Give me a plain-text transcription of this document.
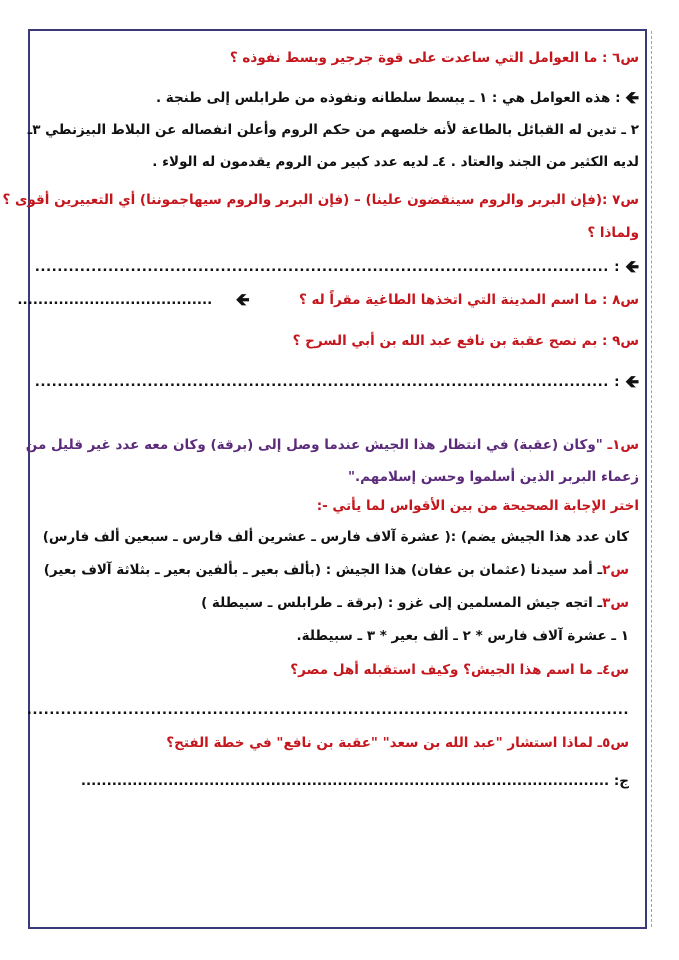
س٦ : ما العوامل التي ساعدت على قوة جرجير وبسط نفوذه ؟
🡸 : هذه العوامل هي : ١ ـ يبسط سلطانه ونفوذه من طرابلس إلى طنجة .
٢ ـ تدين له القبائل بالطاعة لأنه خلصهم من حكم الروم وأعلن انفصاله عن البلاط البيزنطي ٣ـ
لديه الكثير من الجند والعتاد . ٤ـ لديه عدد كبير من الروم يقدمون له الولاء .
س٧ :(فإن البربر والروم سينقضون علينا) – (فإن البربر والروم سيهاجموننا) أي التعبيرين أقوى ؟
ولماذا ؟
🡸 : ......................................................................................................
س٨ : ما اسم المدينة التي اتخذها الطاغية مقراً له ؟  🡸  ......................................
س٩ : بم نصح عقبة بن نافع عبد الله بن أبي السرح ؟
🡸 : ......................................................................................................
س١ـ "وكان (عقبة) في انتظار هذا الجيش عندما وصل إلى (برقة) وكان معه عدد غير قليل من
زعماء البربر الذين أسلموا وحسن إسلامهم."
اختر الإجابة الصحيحة من بين الأقواس لما يأتي -:
كان عدد هذا الجيش يضم) :( عشرة آلاف فارس ـ عشرين ألف فارس ـ سبعين ألف فارس)
س٢ـ أمد سيدنا (عثمان بن عفان) هذا الجيش : (بألف بعير ـ بألفين بعير ـ بثلاثة آلاف بعير)
س٣ـ اتجه جيش المسلمين إلى غزو : (برقة ـ طرابلس ـ سبيطلة )
١ ـ عشرة آلاف فارس * ٢ ـ ألف بعير * ٣ ـ سبيطلة.
س٤ـ ما اسم هذا الجيش؟ وكيف استقبله أهل مصر؟
...........................................................................................................
س٥ـ لماذا استشار "عبد الله بن سعد" "عقبة بن نافع" في خطة الفتح؟
ج: .......................................................................................................
